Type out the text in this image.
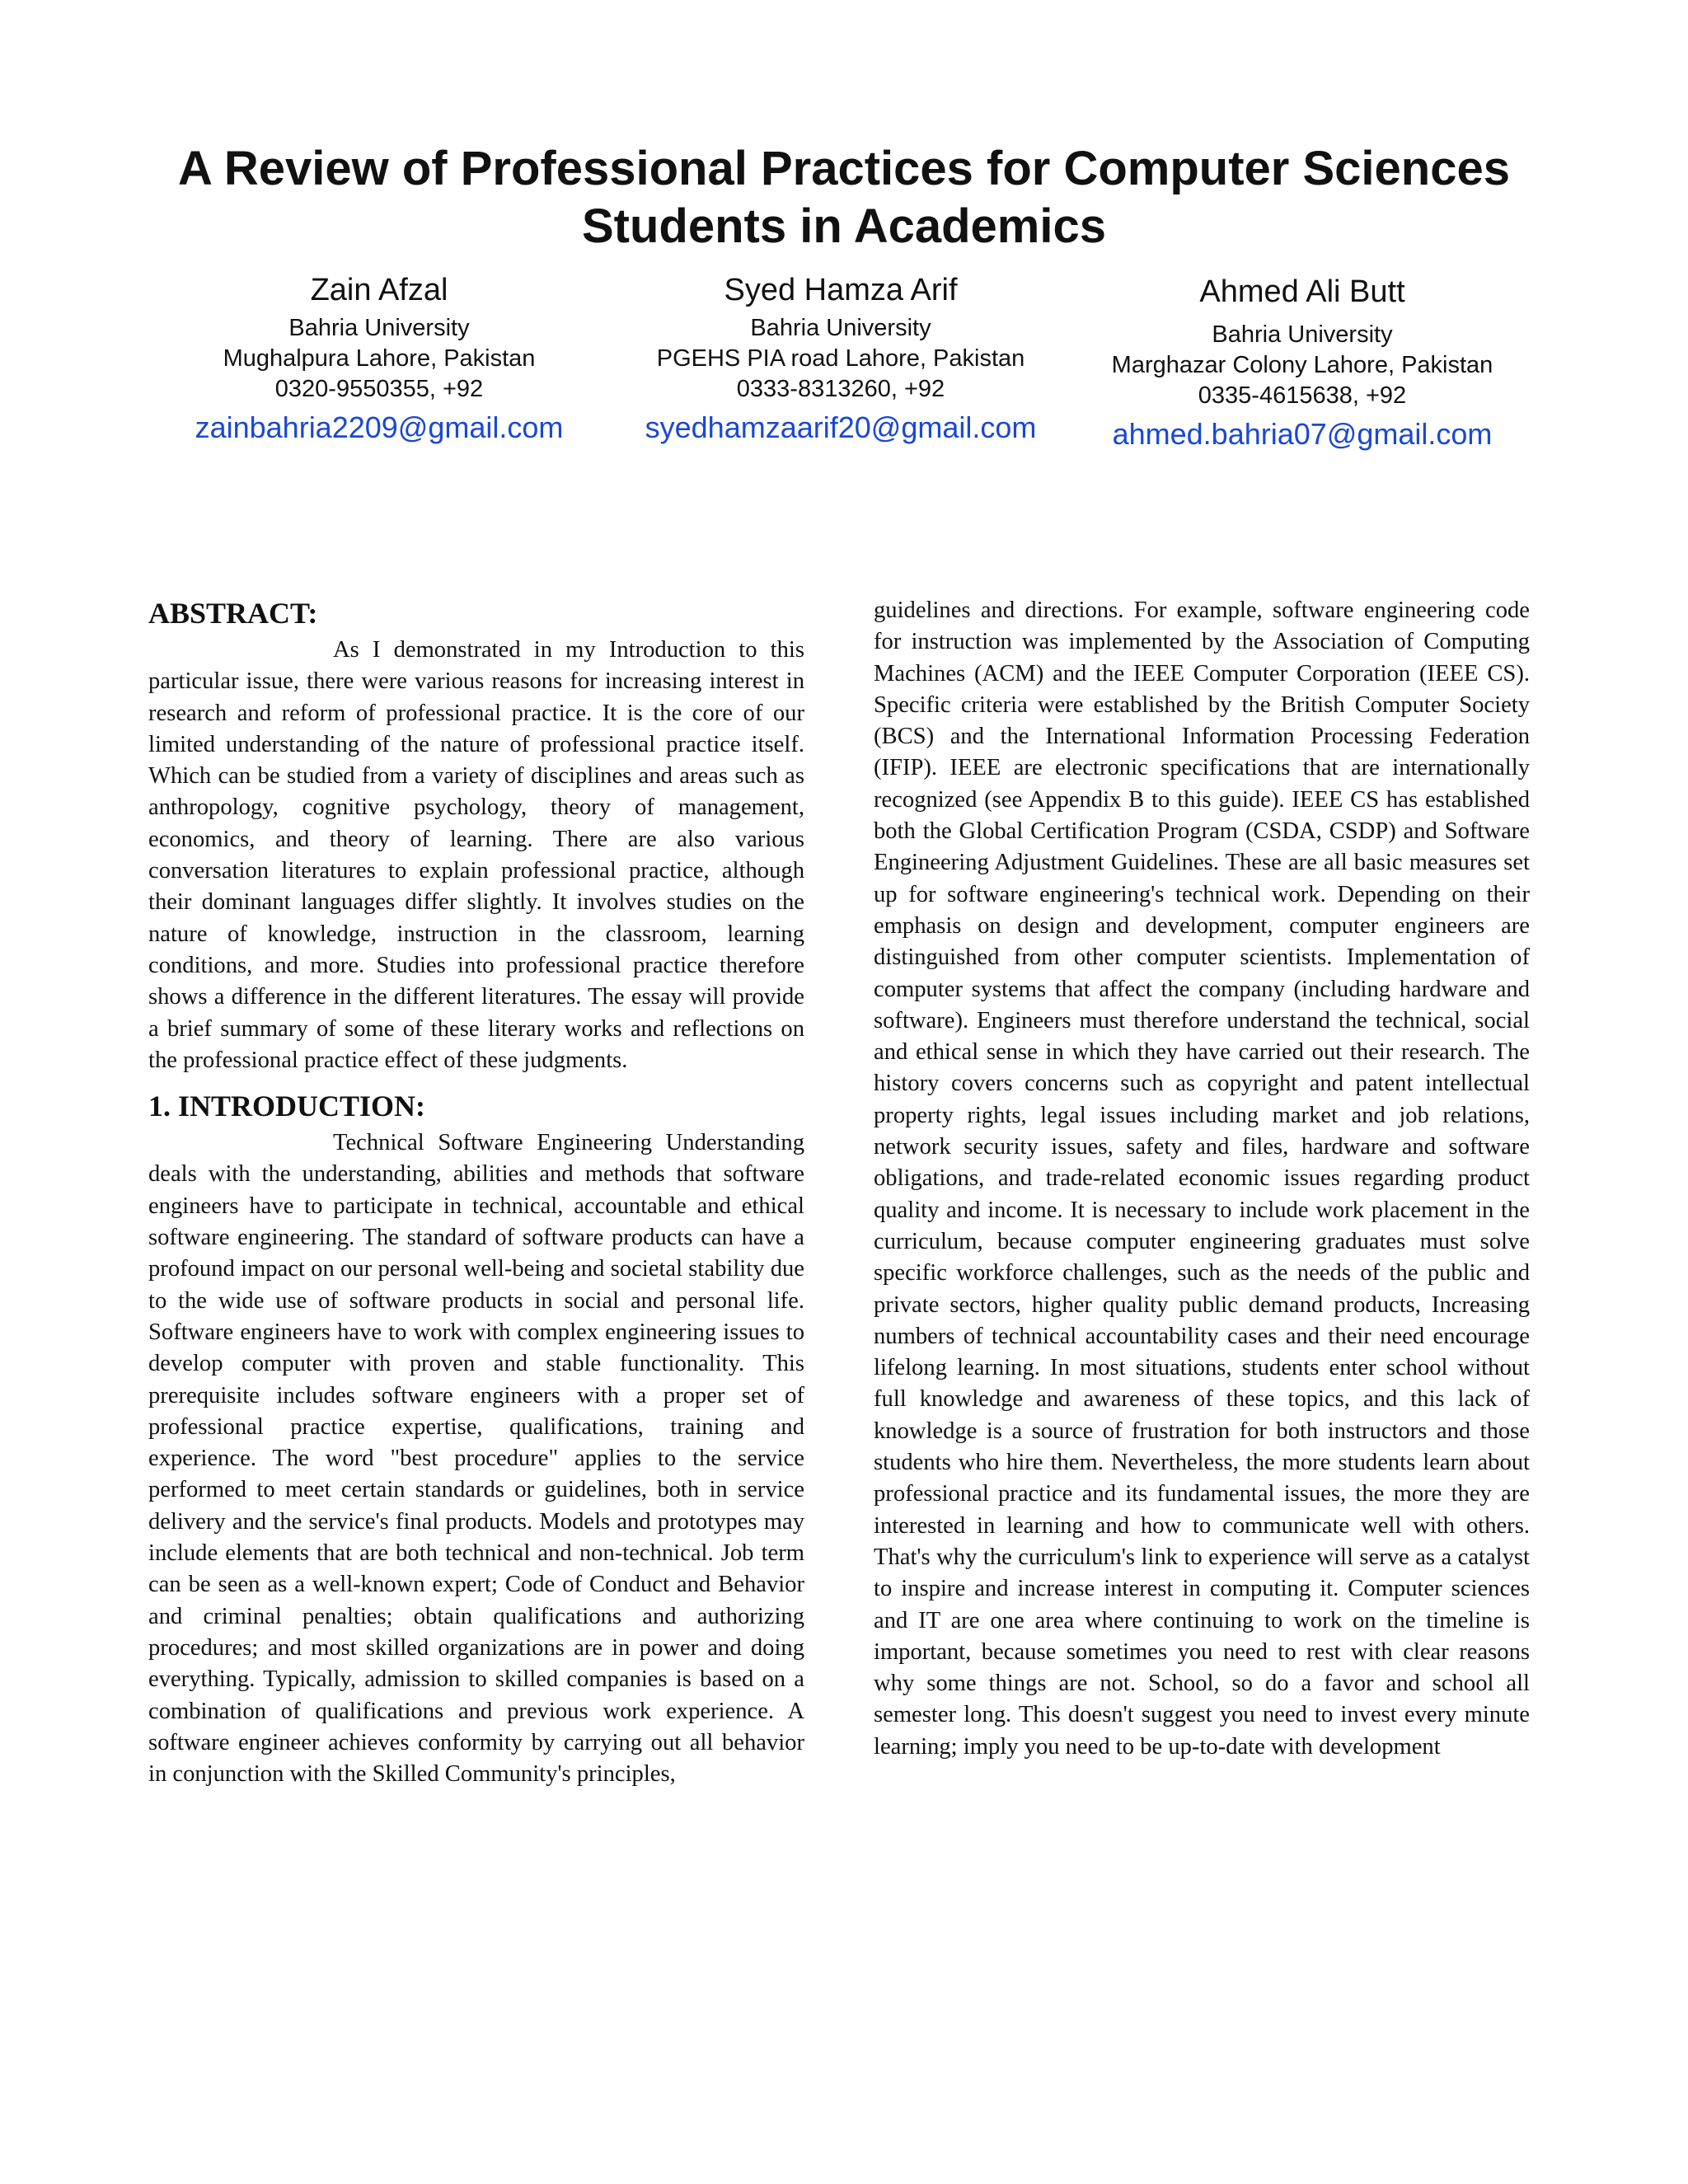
A Review of Professional Practices for Computer Sciences Students in Academics
Zain Afzal
Bahria University
Mughalpura Lahore, Pakistan
0320-9550355, +92
zainbahria2209@gmail.com
Syed Hamza Arif
Bahria University
PGEHS PIA road Lahore, Pakistan
0333-8313260, +92
syedhamzaarif20@gmail.com
Ahmed Ali Butt
Bahria University
Marghazar Colony Lahore, Pakistan
0335-4615638, +92
ahmed.bahria07@gmail.com
ABSTRACT:

As I demonstrated in my Introduction to this particular issue, there were various reasons for increasing interest in research and reform of professional practice. It is the core of our limited understanding of the nature of professional practice itself. Which can be studied from a variety of disciplines and areas such as anthropology, cognitive psychology, theory of management, economics, and theory of learning. There are also various conversation literatures to explain professional practice, although their dominant languages differ slightly. It involves studies on the nature of knowledge, instruction in the classroom, learning conditions, and more. Studies into professional practice therefore shows a difference in the different literatures. The essay will provide a brief summary of some of these literary works and reflections on the professional practice effect of these judgments.

1. INTRODUCTION:

Technical Software Engineering Understanding deals with the understanding, abilities and methods that software engineers have to participate in technical, accountable and ethical software engineering. The standard of software products can have a profound impact on our personal well-being and societal stability due to the wide use of software products in social and personal life. Software engineers have to work with complex engineering issues to develop computer with proven and stable functionality. This prerequisite includes software engineers with a proper set of professional practice expertise, qualifications, training and experience. The word "best procedure" applies to the service performed to meet certain standards or guidelines, both in service delivery and the service's final products. Models and prototypes may include elements that are both technical and non-technical. Job term can be seen as a well-known expert; Code of Conduct and Behavior and criminal penalties; obtain qualifications and authorizing procedures; and most skilled organizations are in power and doing everything. Typically, admission to skilled companies is based on a combination of qualifications and previous work experience. A software engineer achieves conformity by carrying out all behavior in conjunction with the Skilled Community's principles,

guidelines and directions. For example, software engineering code for instruction was implemented by the Association of Computing Machines (ACM) and the IEEE Computer Corporation (IEEE CS). Specific criteria were established by the British Computer Society (BCS) and the International Information Processing Federation (IFIP). IEEE are electronic specifications that are internationally recognized (see Appendix B to this guide). IEEE CS has established both the Global Certification Program (CSDA, CSDP) and Software Engineering Adjustment Guidelines. These are all basic measures set up for software engineering's technical work. Depending on their emphasis on design and development, computer engineers are distinguished from other computer scientists. Implementation of computer systems that affect the company (including hardware and software). Engineers must therefore understand the technical, social and ethical sense in which they have carried out their research. The history covers concerns such as copyright and patent intellectual property rights, legal issues including market and job relations, network security issues, safety and files, hardware and software obligations, and trade-related economic issues regarding product quality and income. It is necessary to include work placement in the curriculum, because computer engineering graduates must solve specific workforce challenges, such as the needs of the public and private sectors, higher quality public demand products, Increasing numbers of technical accountability cases and their need encourage lifelong learning. In most situations, students enter school without full knowledge and awareness of these topics, and this lack of knowledge is a source of frustration for both instructors and those students who hire them. Nevertheless, the more students learn about professional practice and its fundamental issues, the more they are interested in learning and how to communicate well with others. That's why the curriculum's link to experience will serve as a catalyst to inspire and increase interest in computing it. Computer sciences and IT are one area where continuing to work on the timeline is important, because sometimes you need to rest with clear reasons why some things are not. School, so do a favor and school all semester long. This doesn't suggest you need to invest every minute learning; imply you need to be up-to-date with development
